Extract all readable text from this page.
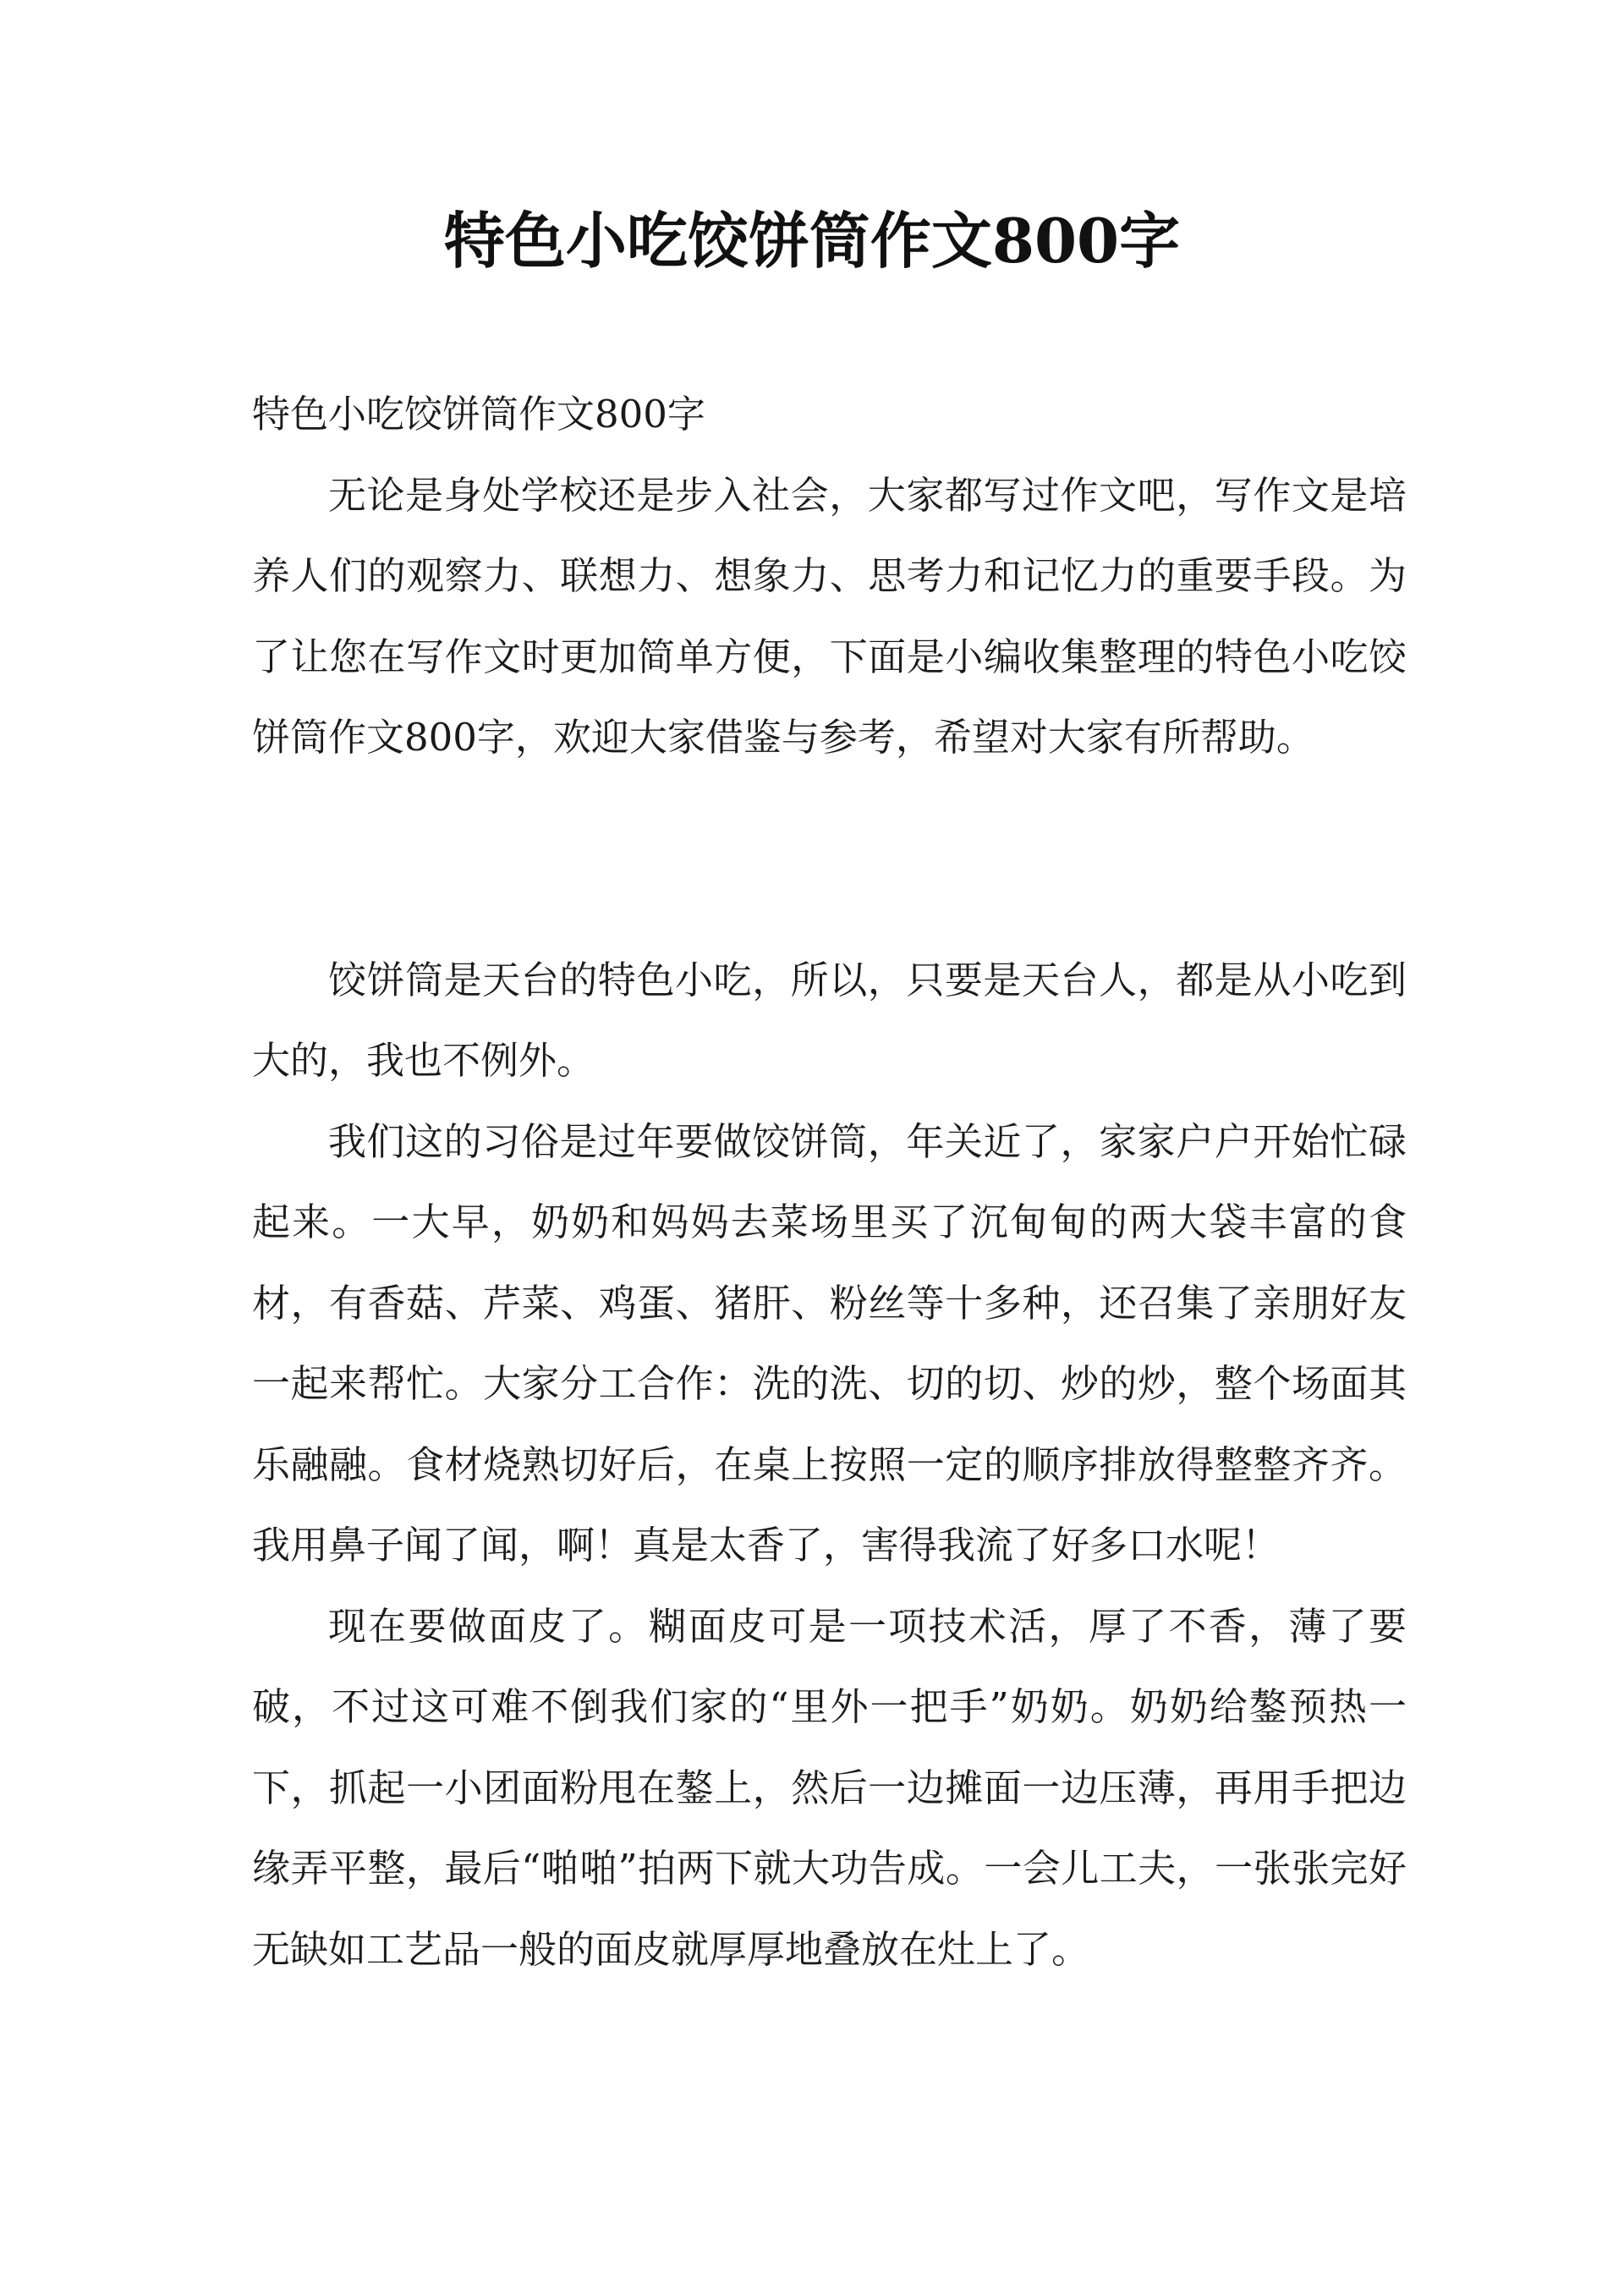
特色小吃饺饼筒作文800字

特色小吃饺饼筒作文800字

无论是身处学校还是步入社会，大家都写过作文吧，写作文是培养人们的观察力、联想力、想象力、思考力和记忆力的重要手段。为了让您在写作文时更加简单方便，下面是小编收集整理的特色小吃饺饼筒作文800字，欢迎大家借鉴与参考，希望对大家有所帮助。

饺饼筒是天台的特色小吃，所以，只要是天台人，都是从小吃到大的，我也不例外。

我们这的习俗是过年要做饺饼筒，年关近了，家家户户开始忙碌起来。一大早，奶奶和妈妈去菜场里买了沉甸甸的两大袋丰富的食材，有香菇、芹菜、鸡蛋、猪肝、粉丝等十多种，还召集了亲朋好友一起来帮忙。大家分工合作：洗的洗、切的切、炒的炒，整个场面其乐融融。食材烧熟切好后，在桌上按照一定的顺序排放得整整齐齐。我用鼻子闻了闻，啊！真是太香了，害得我流了好多口水呢！

现在要做面皮了。糊面皮可是一项技术活，厚了不香，薄了要破，不过这可难不倒我们家的“里外一把手”奶奶。奶奶给鏊预热一下，抓起一小团面粉甩在鏊上，然后一边摊面一边压薄，再用手把边缘弄平整，最后“啪啪”拍两下就大功告成。一会儿工夫，一张张完好无缺如工艺品一般的面皮就厚厚地叠放在灶上了。
